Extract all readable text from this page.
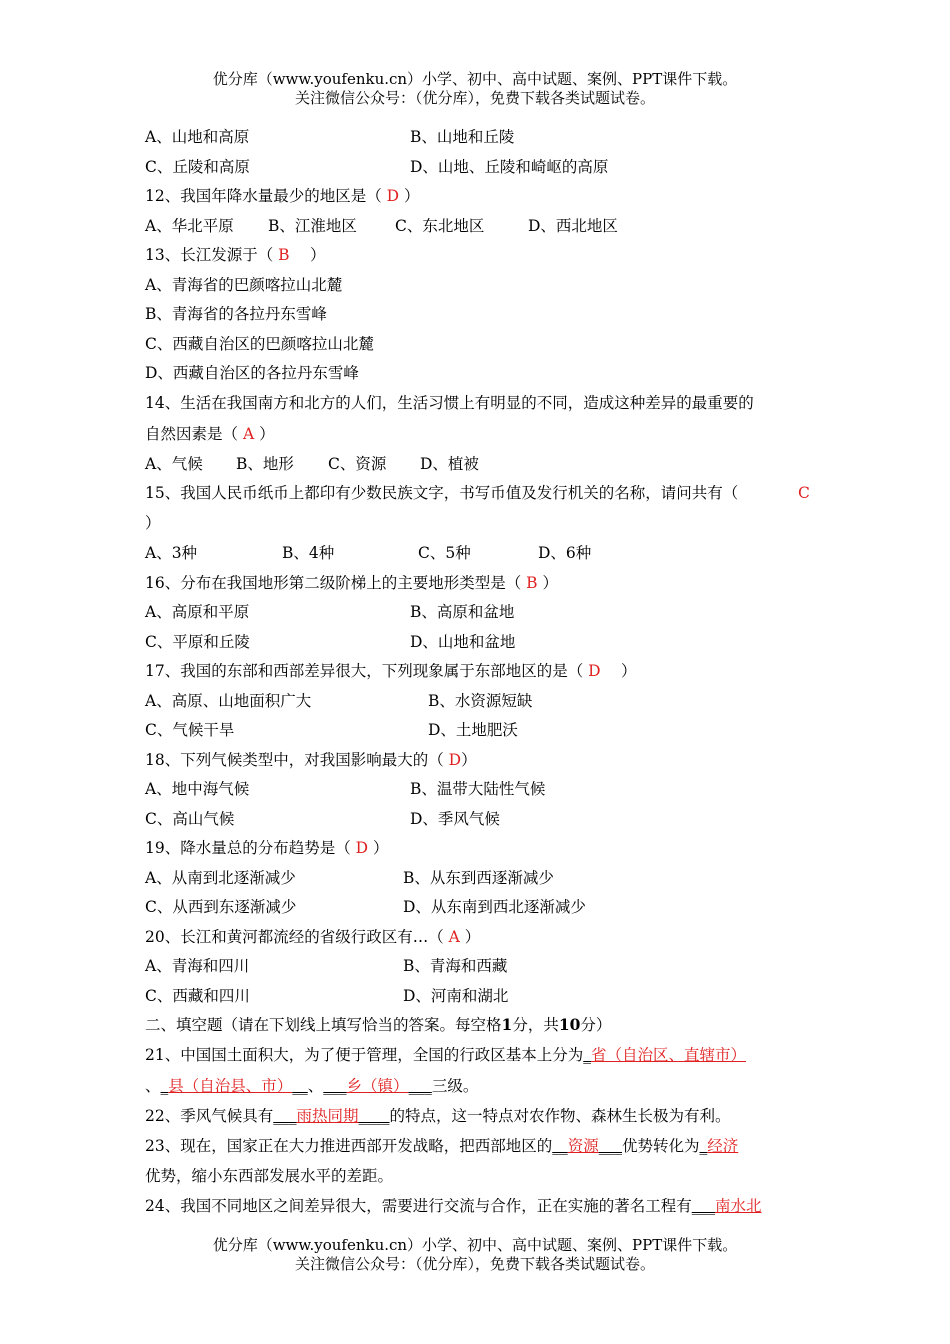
优分库（www.youfenku.cn）小学、初中、高中试题、案例、PPT课件下载。
关注微信公众号：（优分库），免费下载各类试题试卷。
A、山地和高原	B、山地和丘陵
C、丘陵和高原	D、山地、丘陵和崎岖的高原
12、我国年降水量最少的地区是（ D ）
A、华北平原 B、江淮地区 C、东北地区	D、西北地区
13、长江发源于（ B　 ）
A、青海省的巴颜喀拉山北麓
B、青海省的各拉丹东雪峰
C、西藏自治区的巴颜喀拉山北麓
D、西藏自治区的各拉丹东雪峰
14、生活在我国南方和北方的人们，生活习惯上有明显的不同，造成这种差异的最重要的
自然因素是（ A ）
A、气候 B、地形 C、资源 D、植被
15、我国人民币纸币上都印有少数民族文字，书写币值及发行机关的名称，请问共有（	C
）
A、3种	B、4种	C、5种	D、6种
16、分布在我国地形第二级阶梯上的主要地形类型是（ B ）
A、高原和平原	B、高原和盆地
C、平原和丘陵	D、山地和盆地
17、我国的东部和西部差异很大，下列现象属于东部地区的是（ D　 ）
A、高原、山地面积广大	B、水资源短缺
C、气候干旱	D、土地肥沃
18、下列气候类型中，对我国影响最大的（ D）
A、地中海气候	B、温带大陆性气候
C、高山气候	D、季风气候
19、降水量总的分布趋势是（ D ）
A、从南到北逐渐减少	B、从东到西逐渐减少
C、从西到东逐渐减少	D、从东南到西北逐渐减少
20、长江和黄河都流经的省级行政区有…（ A ）
A、青海和四川	B、青海和西藏
C、西藏和四川	D、河南和湖北
二、填空题（请在下划线上填写恰当的答案。每空格1分，共10分）
21、中国国土面积大，为了便于管理，全国的行政区基本上分为​_省（自治区、直辖市）
、_县（自治县、市）__、___乡（镇）___三级。
22、季风气候具有___雨热同期____的特点，这一特点对农作物、森林生长极为有利。
23、现在，国家正在大力推进西部开发战略，把西部地区的__资源___优势转化为_经济
优势，缩小东西部发展水平的差距。
24、我国不同地区之间差异很大，需要进行交流与合作，正在实施的著名工程有___南水北
优分库（www.youfenku.cn）小学、初中、高中试题、案例、PPT课件下载。
关注微信公众号：（优分库），免费下载各类试题试卷。
